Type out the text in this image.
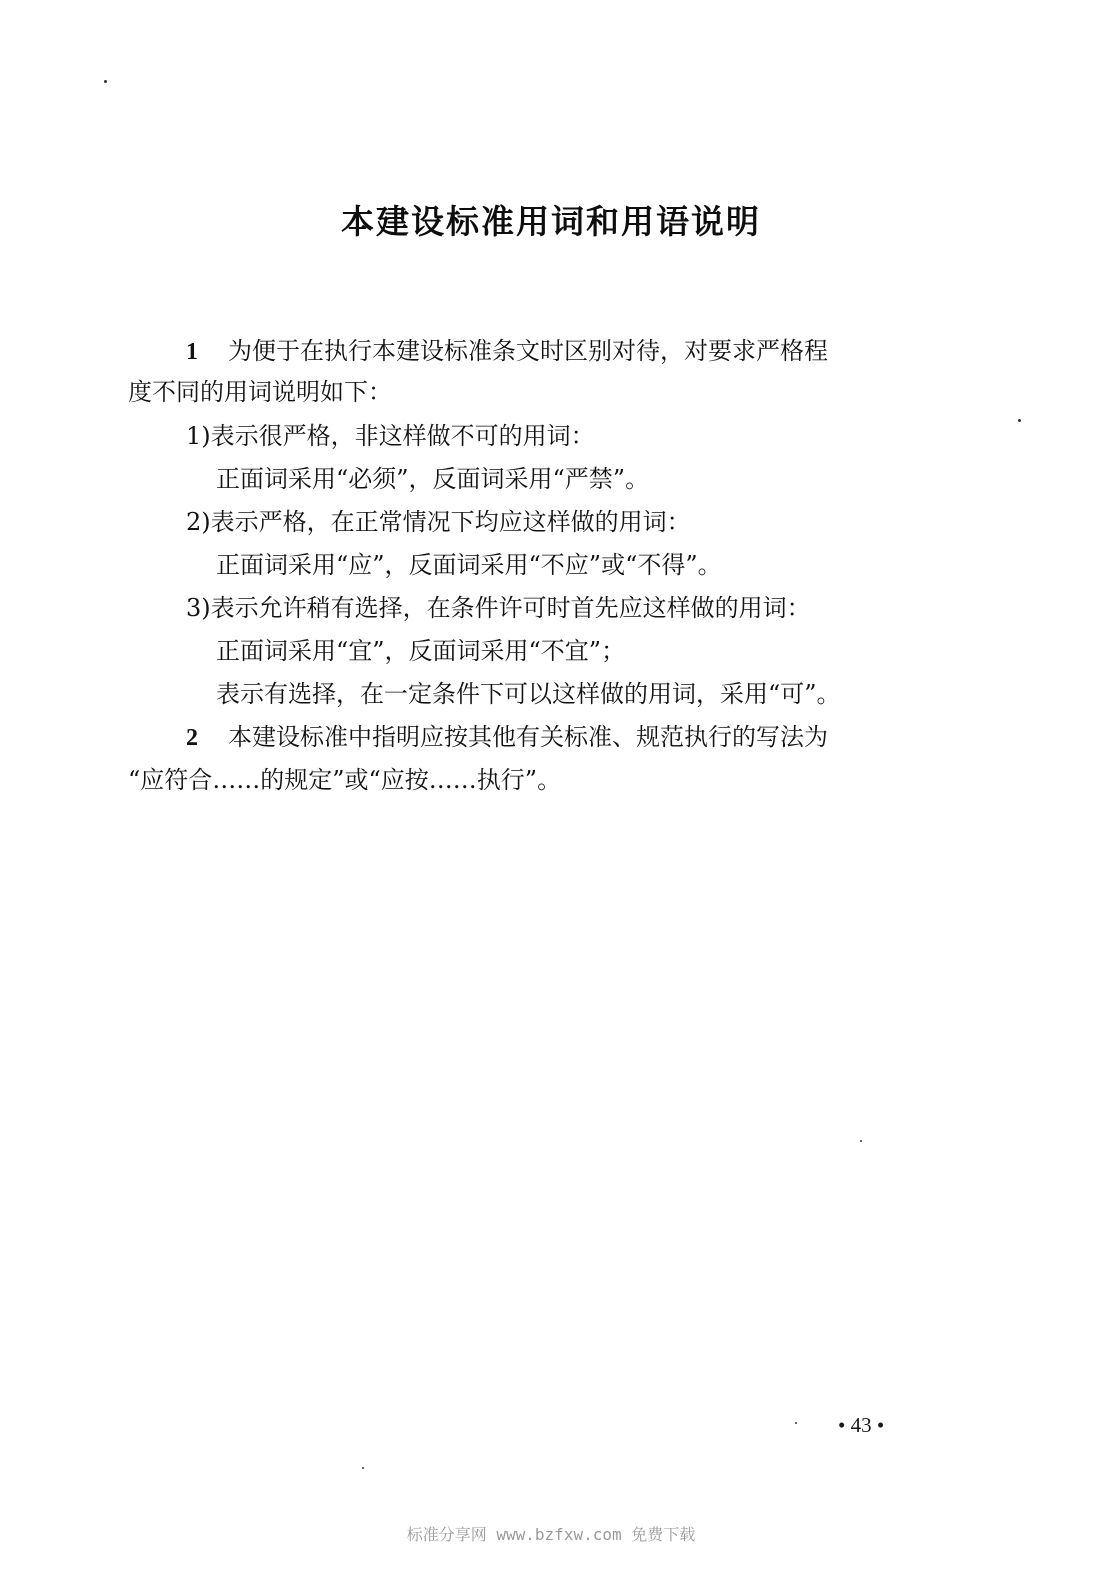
本建设标准用词和用语说明
1 为便于在执行本建设标准条文时区别对待，对要求严格程
度不同的用词说明如下：
1)表示很严格，非这样做不可的用词：
正面词采用“必须”，反面词采用“严禁”。
2)表示严格，在正常情况下均应这样做的用词：
正面词采用“应”，反面词采用“不应”或“不得”。
3)表示允许稍有选择，在条件许可时首先应这样做的用词：
正面词采用“宜”，反面词采用“不宜”；
表示有选择，在一定条件下可以这样做的用词，采用“可”。
2 本建设标准中指明应按其他有关标准、规范执行的写法为
“应符合……的规定”或“应按……执行”。
• 43 •
标准分享网 www.bzfxw.com 免费下载
